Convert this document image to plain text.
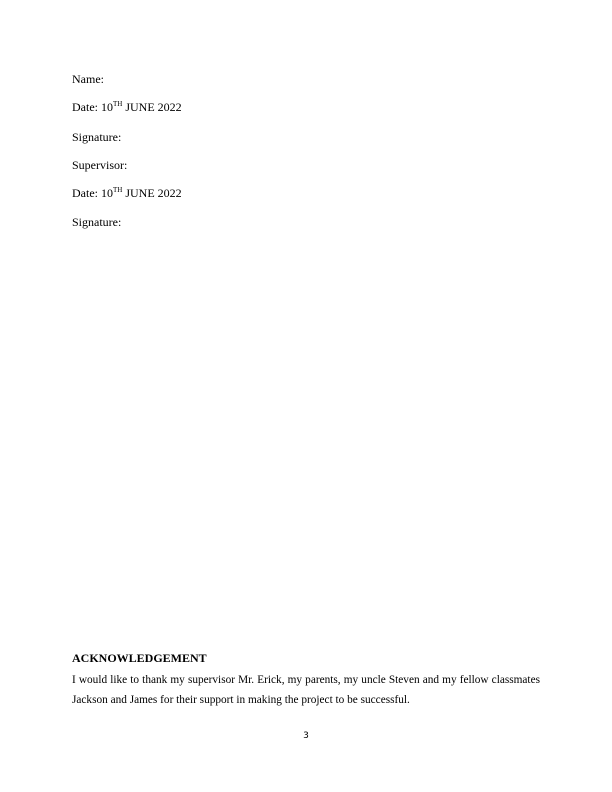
Name:
Date: 10TH JUNE 2022
Signature:
Supervisor:
Date: 10TH JUNE 2022
Signature:
ACKNOWLEDGEMENT
I would like to thank my supervisor Mr. Erick, my parents, my uncle Steven and my fellow classmates Jackson and James for their support in making the project to be successful.
3
